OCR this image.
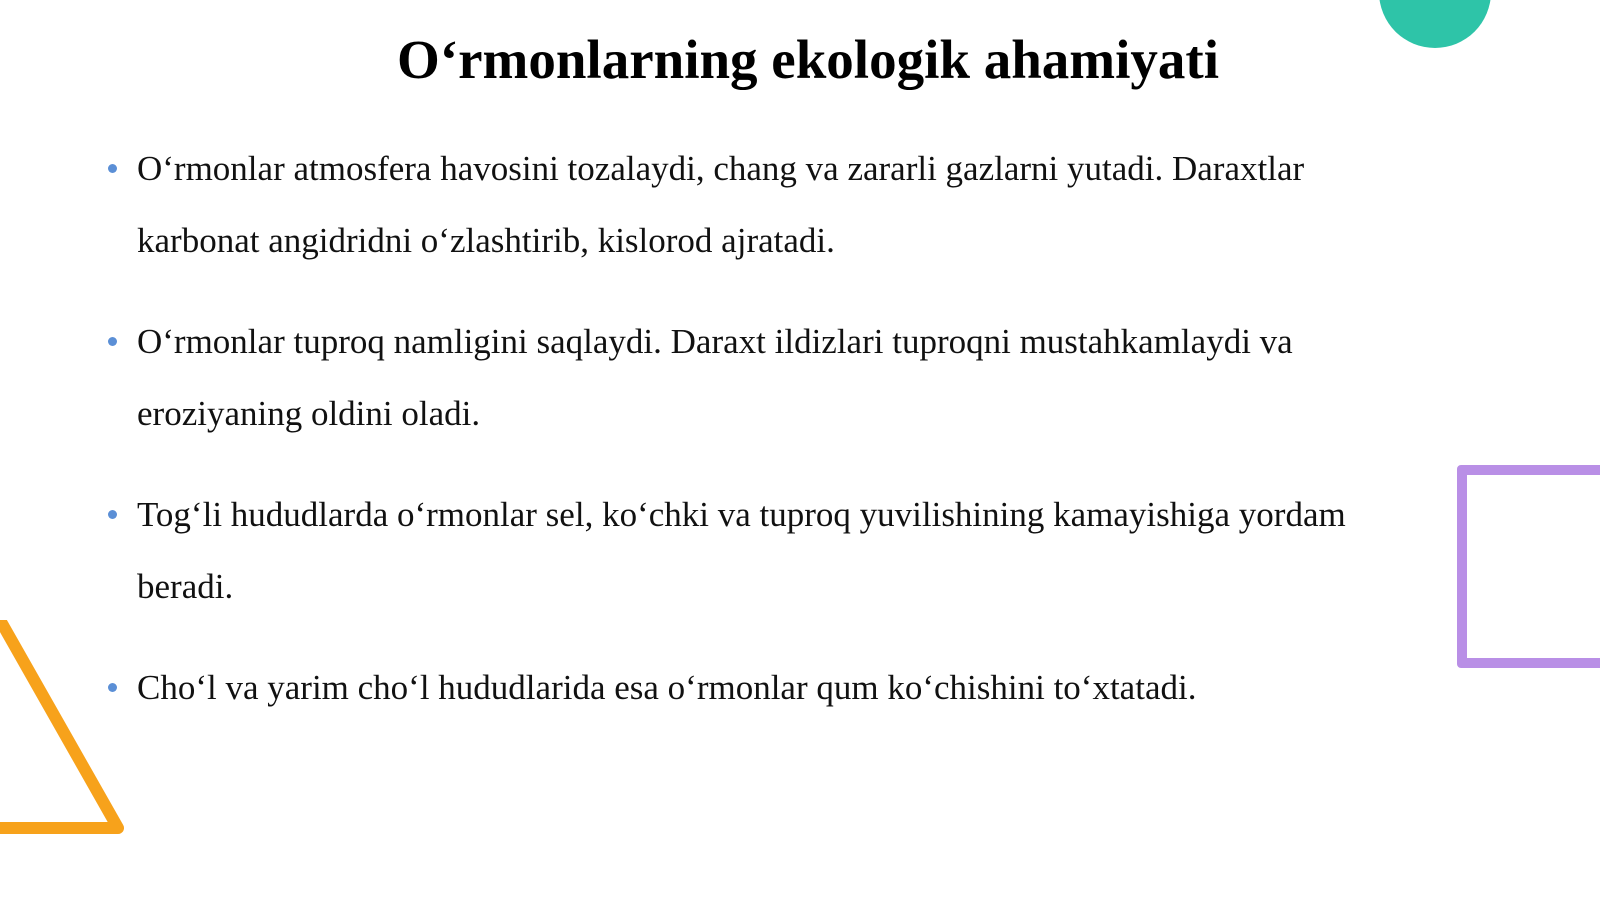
O‘rmonlarning ekologik ahamiyati
O‘rmonlar atmosfera havosini tozalaydi, chang va zararli gazlarni yutadi. Daraxtlar karbonat angidridni o‘zlashtirib, kislorod ajratadi.
O‘rmonlar tuproq namligini saqlaydi. Daraxt ildizlari tuproqni mustahkamlaydi va eroziyaning oldini oladi.
Tog‘li hududlarda o‘rmonlar sel, ko‘chki va tuproq yuvilishining kamayishiga yordam beradi.
Cho‘l va yarim cho‘l hududlarida esa o‘rmonlar qum ko‘chishini to‘xtatadi.
